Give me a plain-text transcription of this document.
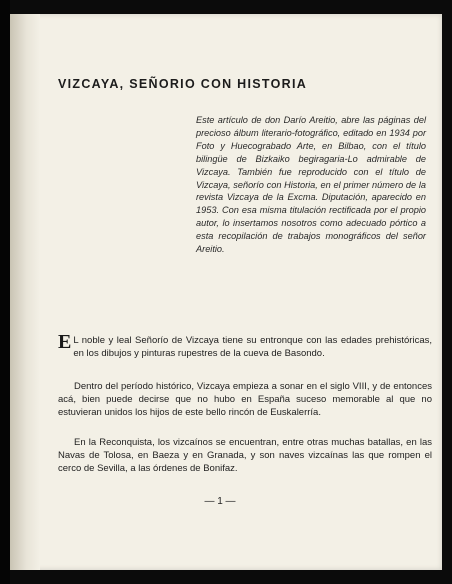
VIZCAYA, SEÑORIO CON HISTORIA
Este artículo de don Darío Areitio, abre las páginas del precioso álbum literario-fotográfico, editado en 1934 por Foto y Huecograbado Arte, en Bilbao, con el título bilingüe de Bizkaiko begiragaria-Lo admirable de Vizcaya. También fue reproducido con el título de Vizcaya, señorío con Historia, en el primer número de la revista Vizcaya de la Excma. Diputación, aparecido en 1953. Con esa misma titulación rectificada por el propio autor, lo insertamos nosotros como adecuado pórtico a esta recopilación de trabajos monográficos del señor Areitio.
E L noble y leal Señorío de Vizcaya tiene su entronque con las edades prehistóricas, en los dibujos y pinturas rupestres de la cueva de Basondo.
Dentro del período histórico, Vizcaya empieza a sonar en el siglo VIII, y de entonces acá, bien puede decirse que no hubo en España suceso memorable al que no estuvieran unidos los hijos de este bello rincón de Euskalerría.
En la Reconquista, los vizcaínos se encuentran, entre otras muchas batallas, en las Navas de Tolosa, en Baeza y en Granada, y son naves vizcaínas las que rompen el cerco de Sevilla, a las órdenes de Bonifaz.
— 1 —
